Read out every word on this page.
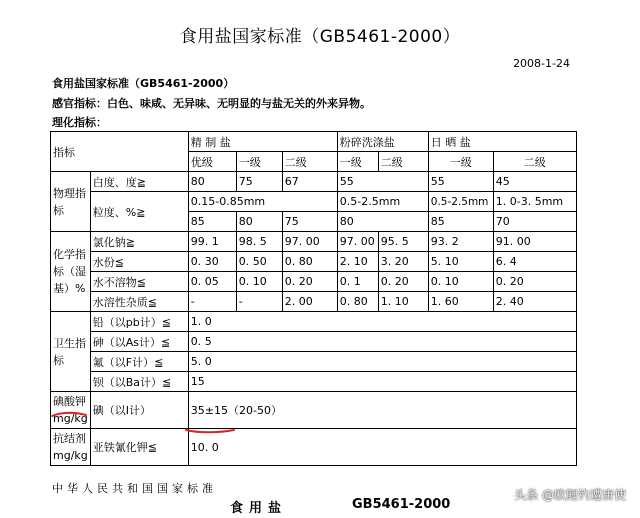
食用盐国家标准（GB5461-2000）
2008-1-24
食用盐国家标准（GB5461-2000）
感官指标：白色、味咸、无异味、无明显的与盐无关的外来异物。
理化指标：
指标		精 制 盐			粉碎洗涤盐		日 晒 盐	
		优级	一级	二级	一级	二级	一级	二级
物理指标	白度、度≧	80	75	67	55		55	45
	粒度、%≧	0.15-0.85mm			0.5-2.5mm		0.5-2.5mm	1. 0-3. 5mm
		85	80	75	80		85	70
化学指标（湿基）%	氯化钠≧	99. 1	98. 5	97. 00	97. 00	95. 5	93. 2	91. 00
	水份≦	0. 30	0. 50	0. 80	2. 10	3. 20	5. 10	6. 4
	水不溶物≦	0. 05	0. 10	0. 20	0. 1	0. 20	0. 10	0. 20
	水溶性杂质≦	-	-	2. 00	0. 80	1. 10	1. 60	2. 40
卫生指标	铅（以pb计）≦	1. 0						
	砷（以As计）≦	0. 5						
	氟（以F计）≦	5. 0						
	钡（以Ba计）≦	15						
碘酸钾mg/kg	碘（以I计）	35±15（20-50）						
抗结剂mg/kg	亚铁氰化钾≦	10. 0						
中华人民共和国国家标准
食用盐	GB5461-2000
头条 @欧鲤钓遭唐使
